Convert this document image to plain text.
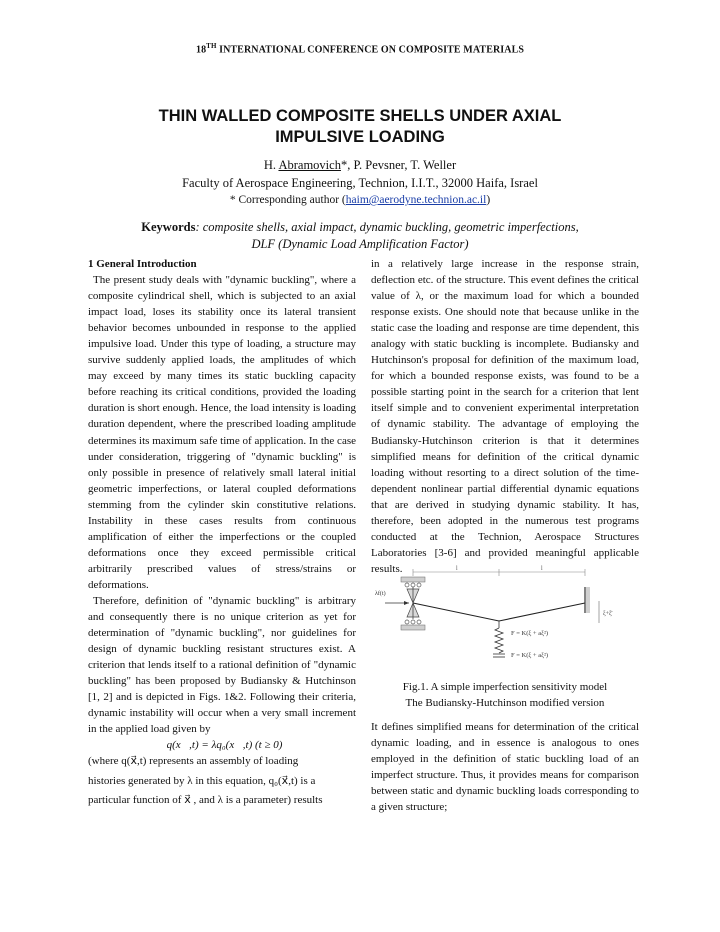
18TH INTERNATIONAL CONFERENCE ON COMPOSITE MATERIALS
THIN WALLED COMPOSITE SHELLS UNDER AXIAL
IMPULSIVE LOADING
H. Abramovich*, P. Pevsner, T. Weller
Faculty of Aerospace Engineering, Technion, I.I.T., 32000 Haifa, Israel
* Corresponding author (haim@aerodyne.technion.ac.il)
Keywords: composite shells, axial impact, dynamic buckling, geometric imperfections,
DLF (Dynamic Load Amplification Factor)

1 General Introduction

The present study deals with "dynamic buckling", where a composite cylindrical shell, which is subjected to an axial impact load, loses its stability once its lateral transient behavior becomes unbounded in response to the applied impulsive load. Under this type of loading, a structure may survive suddenly applied loads, the amplitudes of which may exceed by many times its static buckling capacity before reaching its critical conditions, provided the loading duration is short enough. Hence, the load intensity is loading duration dependent, where the prescribed loading amplitude determines its maximum safe time of application. In the case under consideration, triggering of "dynamic buckling" is only possible in presence of relatively small lateral initial geometric imperfections, or lateral coupled deformations stemming from the cylinder skin constitutive relations. Instability in these cases results from continuous amplification of either the imperfections or the coupled deformations once they exceed permissible critical arbitrarily prescribed values of stress/strains or deformations.

Therefore, definition of "dynamic buckling" is arbitrary and consequently there is no unique criterion as yet for determination of "dynamic buckling", nor guidelines for design of dynamic buckling resistant structures exist. A criterion that lends itself to a rational definition of "dynamic buckling" has been proposed by Budiansky & Hutchinson [1, 2] and is depicted in Figs. 1&2. Following their criteria, dynamic instability will occur when a very small increment in the applied load given by

q(x⃗,t) = λq₀(x⃗,t) (t ≥ 0)

(where q(x⃗,t) represents an assembly of loading

histories generated by λ in this equation, q₀(x⃗,t) is a

particular function of x⃗ , and λ is a parameter) results

in a relatively large increase in the response strain, deflection etc. of the structure. This event defines the critical value of λ, or the maximum load for which a bounded response exists. One should note that because unlike in the static case the loading and response are time dependent, this analogy with static buckling is incomplete. Budiansky and Hutchinson's proposal for definition of the maximum load, for which a bounded response exists, was found to be a possible starting point in the search for a criterion that lent itself simple and to convenient experimental interpretation of dynamic stability. The advantage of employing the Budiansky-Hutchinson criterion is that it determines simplified means for definition of the critical dynamic loading without resorting to a direct solution of the time-dependent nonlinear partial differential dynamic equations that are derived in studying dynamic stability. It has, therefore, been adopted in the numerous test programs conducted at the Technion, Aerospace Structures Laboratories [3-6] and provided meaningful applicable results.	l	l
λf(t)
F = K(ξ + aξ²)
F = K(ξ + aξ²)
ξ+ξ̄
Fig.1. A simple imperfection sensitivity model
The Budiansky-Hutchinson modified version

It defines simplified means for determination of the critical dynamic loading, and in essence is analogous to ones employed in the definition of static buckling load of an imperfect structure. Thus, it provides means for comparison between static and dynamic buckling loads corresponding to a given structure;
